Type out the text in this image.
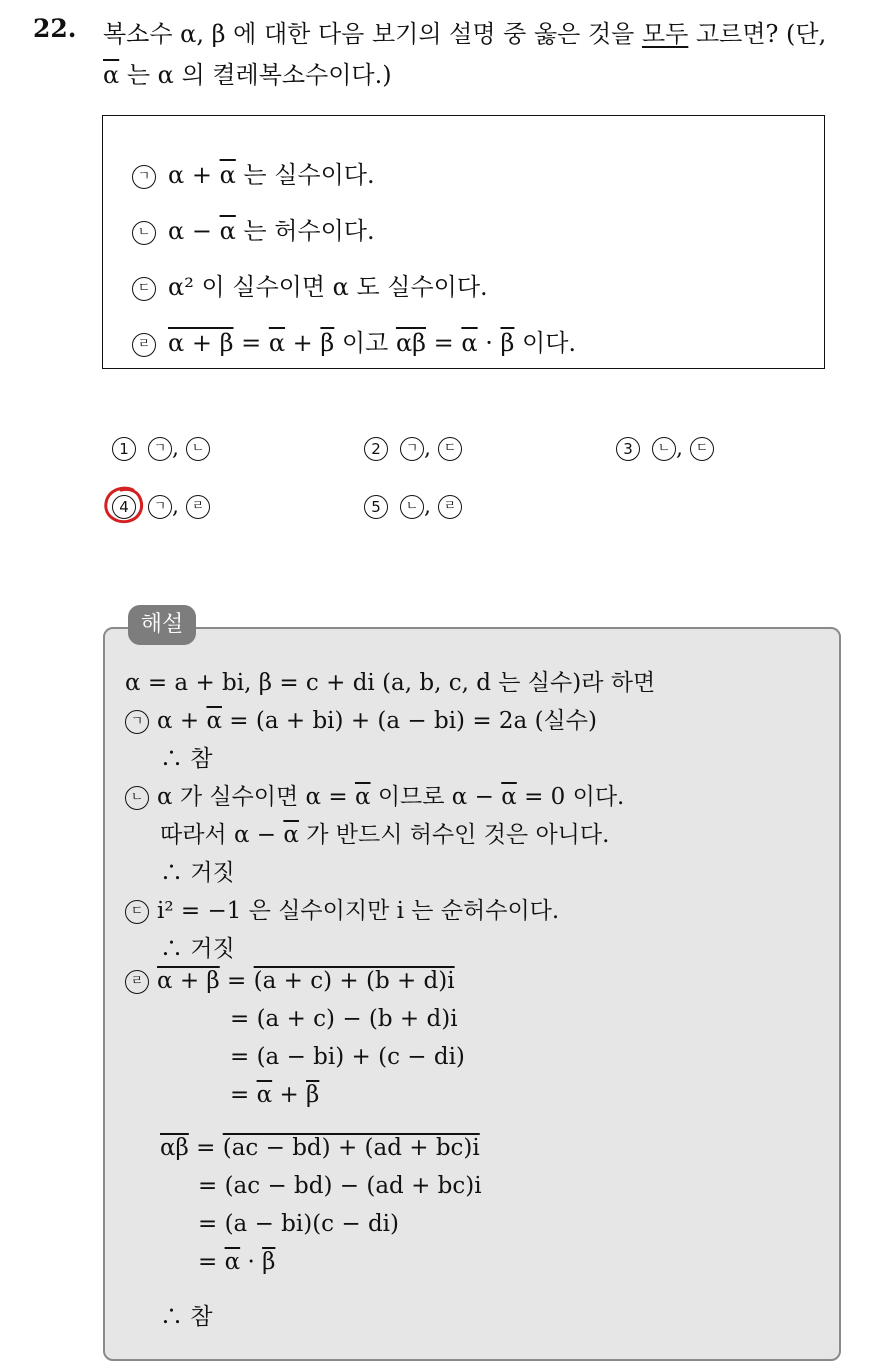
22. 복소수 α, β 에 대한 다음 보기의 설명 중 옳은 것을 모두 고르면? (단,
$\overline{\alpha}$ 는 α 의 켤레복소수이다.)
ㄱ $\alpha + \overline{\alpha}$ 는 실수이다.
ㄴ $\alpha - \overline{\alpha}$ 는 허수이다.
ㄷ α² 이 실수이면 α 도 실수이다.
ㄹ $\alpha + \beta = \overline{\alpha} + \overline{\beta}$ 이고 $\overline{\alpha\beta} = \overline{\alpha} \cdot \overline{\beta}$ 이다.
1 ㄱ , ㄴ	2 ㄱ , ㄷ	3 ㄴ , ㄷ
4 ㄱ , ㄹ	5 ㄴ , ㄹ
해설
α = a + bi, β = c + di (a, b, c, d 는 실수)라 하면
ㄱ $\alpha + \overline{\alpha} = (a + bi) + (a - bi) = 2a$ (실수)
∴ 참
ㄴ α 가 실수이면 $\alpha = \overline{\alpha}$ 이므로 $\alpha - \overline{\alpha} = 0$ 이다.
따라서 $\alpha - \overline{\alpha}$ 가 반드시 허수인 것은 아니다.
∴ 거짓
ㄷ i² = −1 은 실수이지만 i 는 순허수이다.
∴ 거짓
ㄹ α + β = (a + c) + (b + d)i
= (a + c) − (b + d)i
= (a − bi) + (c − di)
= $\overline{\alpha} + \overline{\beta}$
$\overline{\alpha\beta} = (ac - bd) + (ad + bc)i$
= (ac − bd) − (ad + bc)i
= (a − bi)(c − di)
= $\overline{\alpha} \cdot \overline{\beta}$
∴ 참
